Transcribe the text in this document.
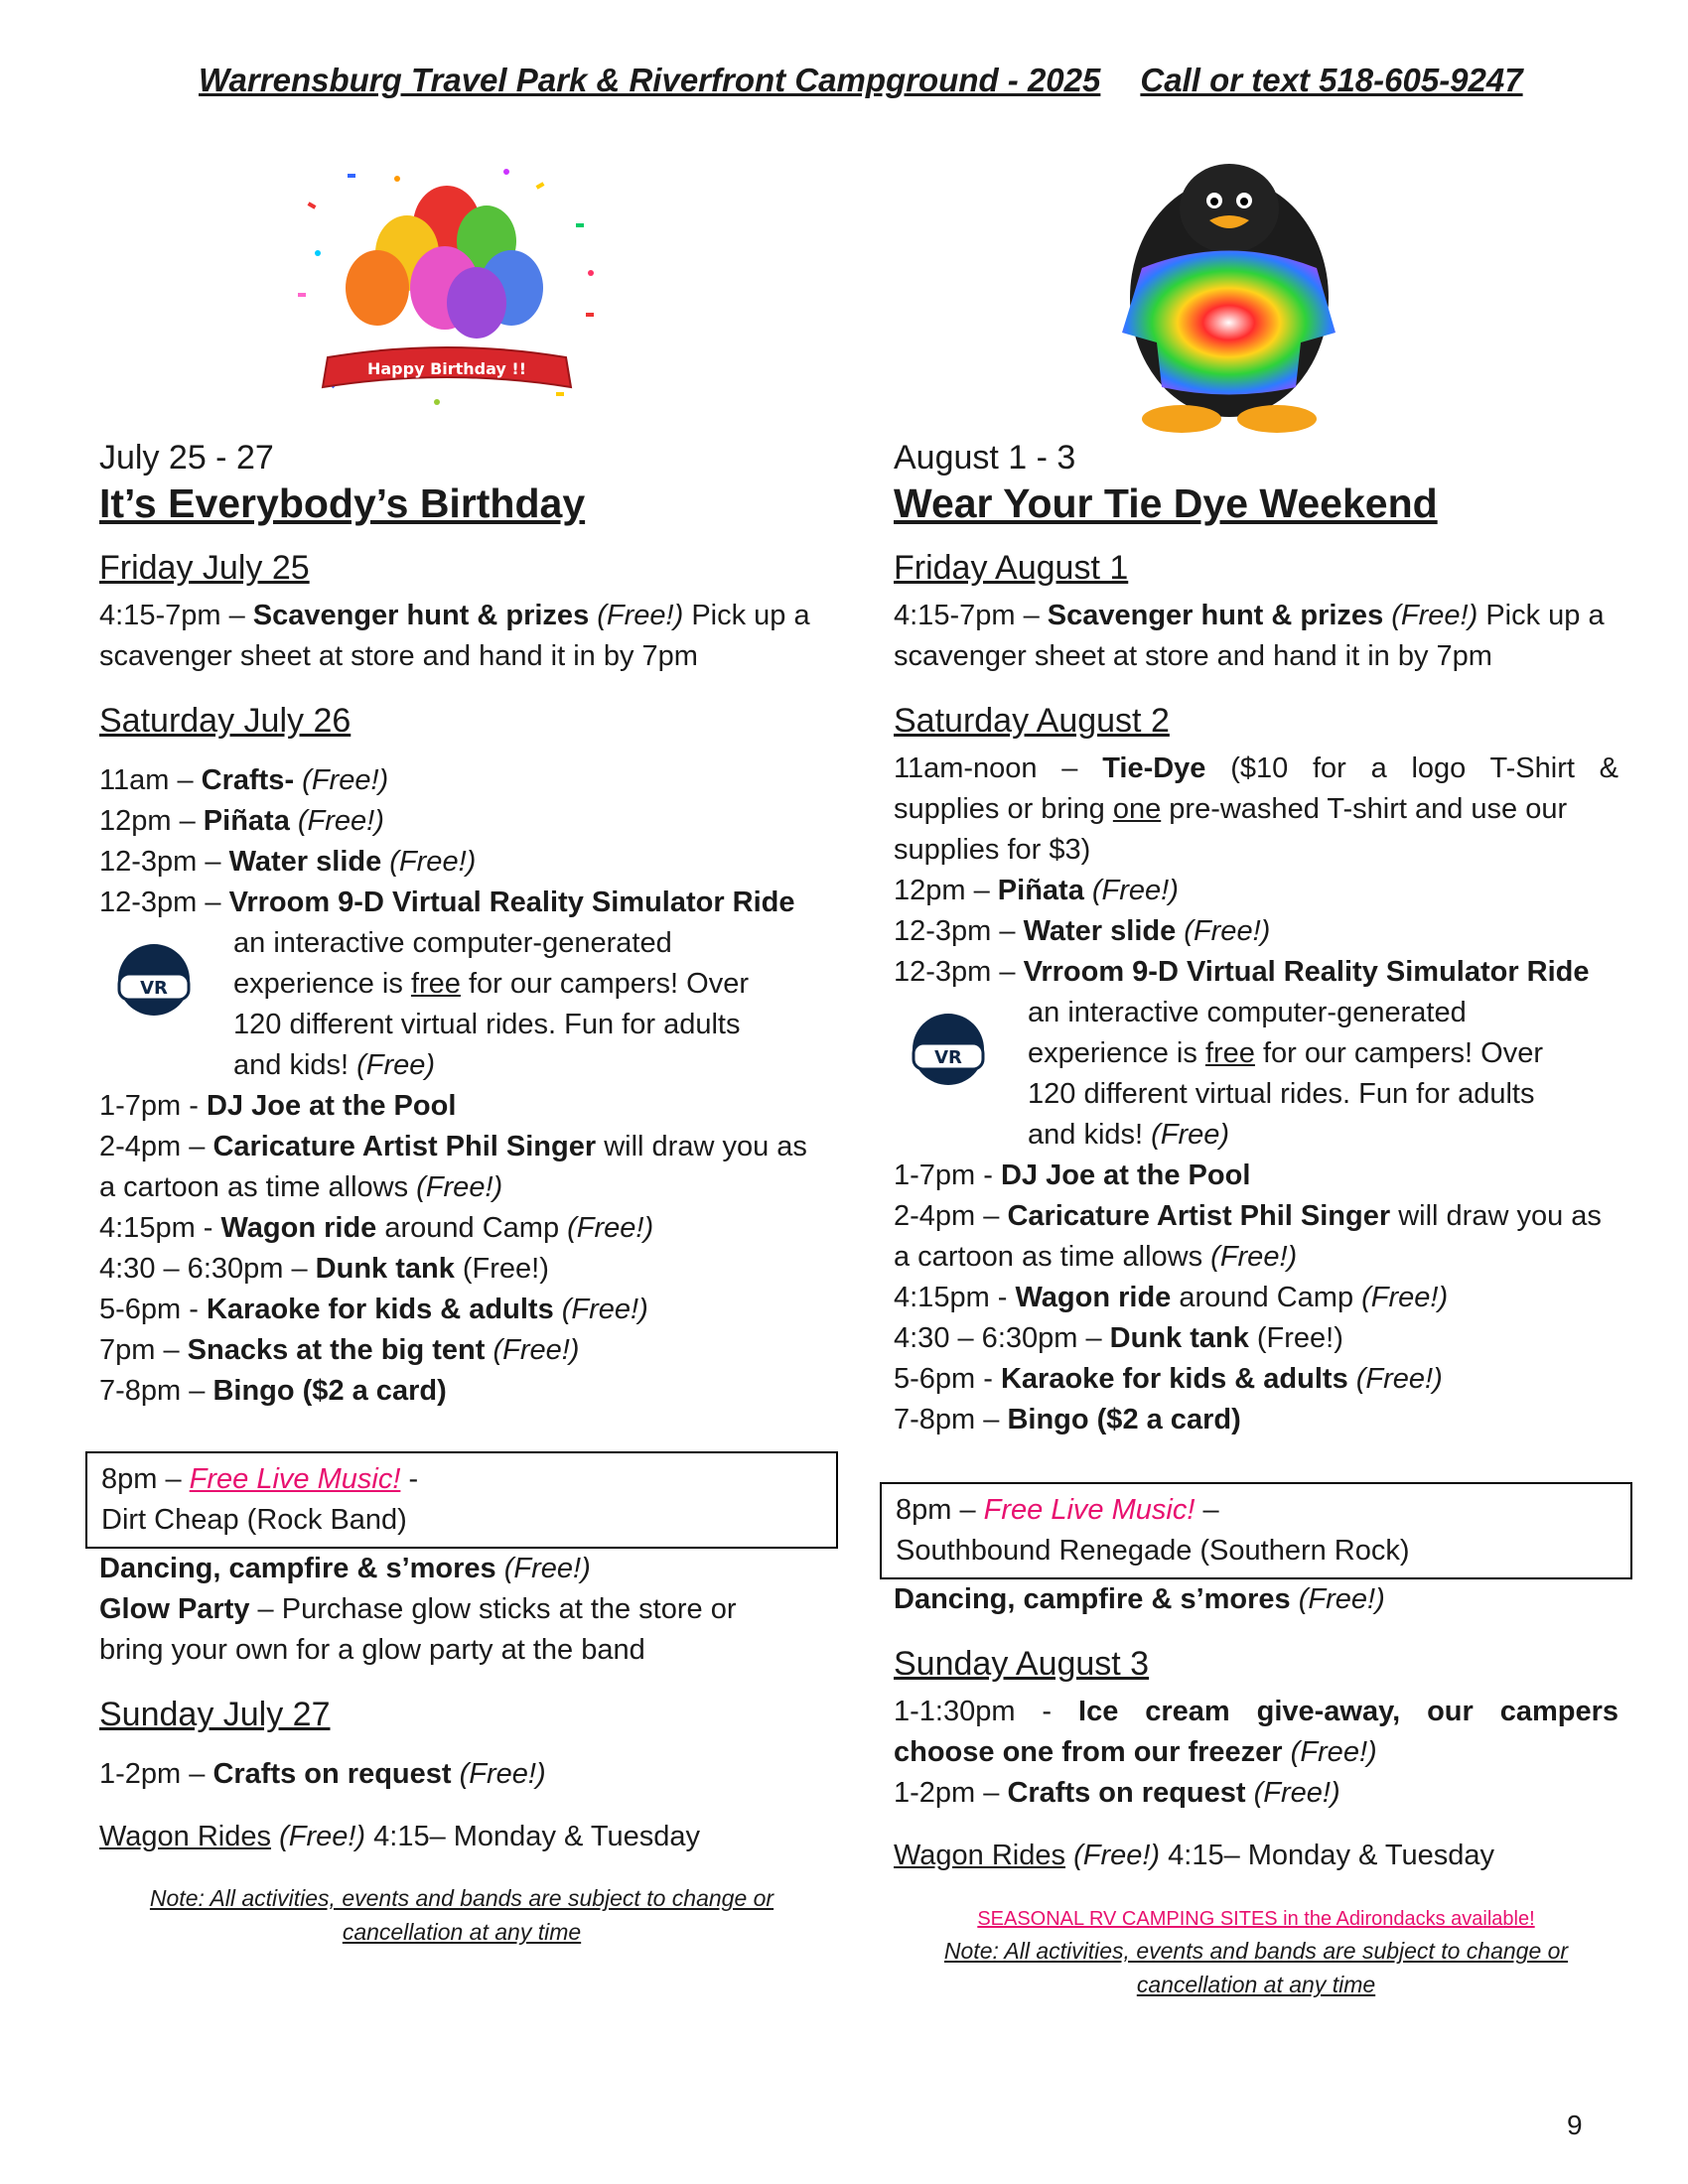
Warrensburg Travel Park & Riverfront Campground - 2025 Call or text 518-605-9247
Happy Birthday !!
July 25 - 27
It’s Everybody’s Birthday
Friday July 25
4:15-7pm – Scavenger hunt & prizes (Free!) Pick up a
scavenger sheet at store and hand it in by 7pm
Saturday July 26
11am – Crafts- (Free!)
12pm – Piñata (Free!)
12-3pm – Water slide (Free!)
12-3pm – Vrroom 9-D Virtual Reality Simulator Ride
VR
an interactive computer-generated
experience is free for our campers! Over
120 different virtual rides. Fun for adults
and kids! (Free)
1-7pm - DJ Joe at the Pool
2-4pm – Caricature Artist Phil Singer will draw you as
a cartoon as time allows (Free!)
4:15pm - Wagon ride around Camp (Free!)
4:30 – 6:30pm – Dunk tank (Free!)
5-6pm - Karaoke for kids & adults (Free!)
7pm – Snacks at the big tent (Free!)
7-8pm – Bingo ($2 a card)
8pm – Free Live Music! -
Dirt Cheap (Rock Band)
Dancing, campfire & s’mores (Free!)
Glow Party – Purchase glow sticks at the store or
bring your own for a glow party at the band
Sunday July 27
1-2pm – Crafts on request (Free!)
Wagon Rides (Free!) 4:15– Monday & Tuesday
Note: All activities, events and bands are subject to change or cancellation at any time
August 1 - 3
Wear Your Tie Dye Weekend
Friday August 1
4:15-7pm – Scavenger hunt & prizes (Free!) Pick up a
scavenger sheet at store and hand it in by 7pm
Saturday August 2
11am-noon – Tie-Dye ($10 for a logo T-Shirt &
supplies or bring one pre-washed T-shirt and use our
supplies for $3)
12pm – Piñata (Free!)
12-3pm – Water slide (Free!)
12-3pm – Vrroom 9-D Virtual Reality Simulator Ride
VR
an interactive computer-generated
experience is free for our campers! Over
120 different virtual rides. Fun for adults
and kids! (Free)
1-7pm - DJ Joe at the Pool
2-4pm – Caricature Artist Phil Singer will draw you as
a cartoon as time allows (Free!)
4:15pm - Wagon ride around Camp (Free!)
4:30 – 6:30pm – Dunk tank (Free!)
5-6pm - Karaoke for kids & adults (Free!)
7-8pm – Bingo ($2 a card)
8pm – Free Live Music! –
Southbound Renegade (Southern Rock)
Dancing, campfire & s’mores (Free!)
Sunday August 3
1-1:30pm - Ice cream give-away, our campers
choose one from our freezer (Free!)
1-2pm – Crafts on request (Free!)
Wagon Rides (Free!) 4:15– Monday & Tuesday
SEASONAL RV CAMPING SITES in the Adirondacks available!
Note: All activities, events and bands are subject to change or cancellation at any time
9
